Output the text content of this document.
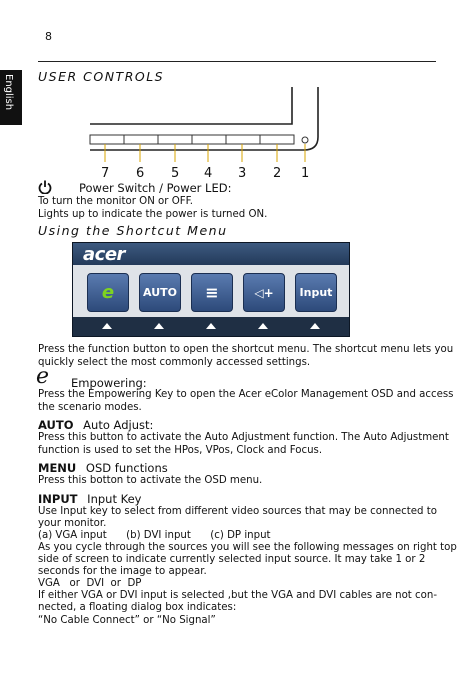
8
English USER CONTROLS
7 6 5 4 3 2 1
Power Switch / Power LED:
To turn the monitor ON or OFF.
Lights up to indicate the power is turned ON.
Using the Shortcut Menu
acer
e	AUTO ≡	◁+ Input
Press the function button to open the shortcut menu. The shortcut menu lets you
quickly select the most commonly accessed settings.
e Empowering:
Press the Empowering Key to open the Acer eColor Management OSD and access
the scenario modes.
AUTO Auto Adjust:
Press this button to activate the Auto Adjustment function. The Auto Adjustment
function is used to set the HPos, VPos, Clock and Focus.
MENU OSD functions
Press this botton to activate the OSD menu.
INPUT Input Key
Use Input key to select from different video sources that may be connected to
your monitor.
(a) VGA input      (b) DVI input      (c) DP input
As you cycle through the sources you will see the following messages on right top
side of screen to indicate currently selected input source. It may take 1 or 2
seconds for the image to appear.
VGA   or  DVI  or  DP
If either VGA or DVI input is selected ,but the VGA and DVI cables are not con-
nected, a floating dialog box indicates:
“No Cable Connect” or “No Signal”
